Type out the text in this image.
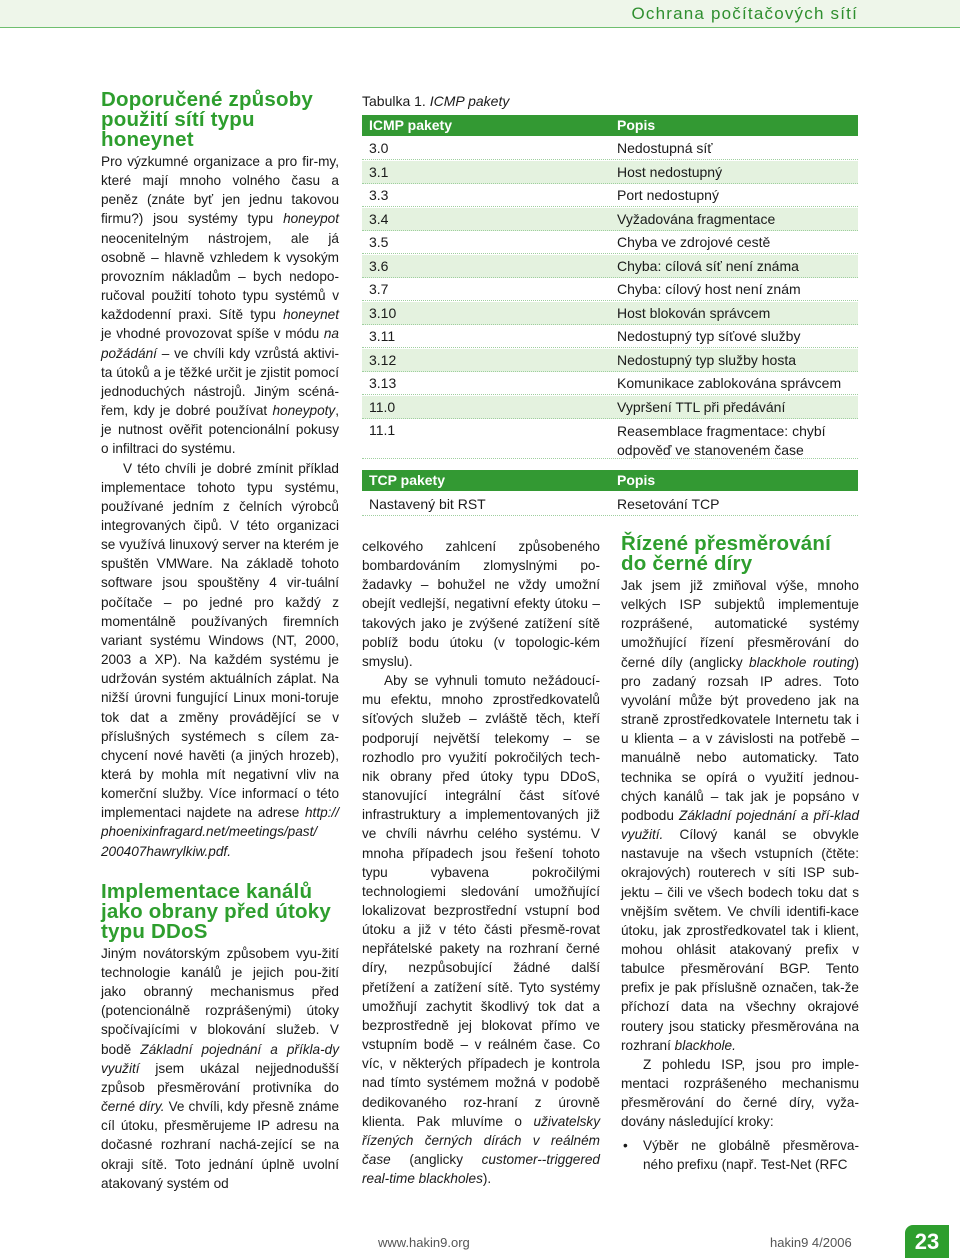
Ochrana počítačových sítí
Doporučené způsoby
použití sítí typu
honeynet

Pro výzkumné organizace a pro fir-my, které mají mnoho volného času a peněz (znáte byť jen jednu takovou firmu?) jsou systémy typu honeypot neocenitelným nástrojem, ale já osobně – hlavně vzhledem k vysokým provozním nákladům – bych nedopo-ručoval použití tohoto typu systémů v každodenní praxi. Sítě typu honeynet je vhodné provozovat spíše v módu na požádání – ve chvíli kdy vzrůstá aktivi-ta útoků a je těžké určit je zjistit pomocí jednoduchých nástrojů. Jiným scéná-řem, kdy je dobré používat honeypoty, je nutnost ověřit potencionální pokusy o infiltraci do systému.

V této chvíli je dobré zmínit příklad implementace tohoto typu systému, používané jedním z čelních výrobců integrovaných čipů. V této organizaci se využívá linuxový server na kterém je spuštěn VMWare. Na základě tohoto software jsou spouštěny 4 vir-tuální počítače – po jedné pro každý z momentálně používaných firemních variant systému Windows (NT, 2000, 2003 a XP). Na každém systému je udržován systém aktuálních záplat. Na nižší úrovni fungující Linux moni-toruje tok dat a změny provádějící se v příslušných systémech s cílem za-chycení nové havěti (a jiných hrozeb), která by mohla mít negativní vliv na komerční služby. Více informací o této implementaci najdete na adrese http:// phoenixinfragard.net/meetings/past/ 200407hawrylkiw.pdf.

Implementace kanálů
jako obrany před útoky
typu DDoS

Jiným novátorským způsobem vyu-žití technologie kanálů je jejich pou-žití jako obranný mechanismus před (potencionálně rozprášenými) útoky spočívajícími v blokování služeb. V bodě Základní pojednání a příkla-dy využití jsem ukázal nejjednodušší způsob přesměrování protivníka do černé díry. Ve chvíli, kdy přesně známe cíl útoku, přesměrujeme IP adresu na dočasné rozhraní nachá-zející se na okraji sítě. Toto jednání úplně uvolní atakovaný systém od

Tabulka 1. ICMP pakety
ICMP pakety	Popis
3.0	Nedostupná síť
3.1	Host nedostupný
3.3	Port nedostupný
3.4	Vyžadována fragmentace
3.5	Chyba ve zdrojové cestě
3.6	Chyba: cílová síť není známa
3.7	Chyba: cílový host není znám
3.10	Host blokován správcem
3.11	Nedostupný typ síťové služby
3.12	Nedostupný typ služby hosta
3.13	Komunikace zablokována správcem
11.0	Vypršení TTL při předávání
11.1	Reasemblace fragmentace: chybí
odpověď ve stanoveném čase
TCP pakety	Popis
Nastavený bit RST	Resetování TCP

celkového zahlcení způsobeného bombardováním zlomyslnými po-žadavky – bohužel ne vždy umožní obejít vedlejší, negativní efekty útoku – takových jako je zvýšené zatížení sítě poblíž bodu útoku (v topologic-kém smyslu).

Aby se vyhnuli tomuto nežádoucí-mu efektu, mnoho zprostředkovatelů síťových služeb – zvláště těch, kteří podporují největší telekomy – se rozhodlo pro využití pokročilých tech-nik obrany před útoky typu DDoS, stanovující integrální část síťové infrastruktury a implementovaných již ve chvíli návrhu celého systému. V mnoha případech jsou řešení tohoto typu vybavena pokročilými technologiemi sledování umožňující lokalizovat bezprostřední vstupní bod útoku a již v této části přesmě-rovat nepřátelské pakety na rozhraní černé díry, nezpůsobující žádné další přetížení a zatížení sítě. Tyto systémy umožňují zachytit škodlivý tok dat a bezprostředně jej blokovat přímo ve vstupním bodě – v reálném čase. Co víc, v některých případech je kontrola nad tímto systémem možná v podobě dedikovaného roz-hraní z úrovně klienta. Pak mluvíme o uživatelsky řízených černých dírách v reálném čase (anglicky customer--triggered real-time blackholes).

Řízené přesměrování
do černé díry

Jak jsem již zmiňoval výše, mnoho velkých ISP subjektů implementuje rozprášené, automatické systémy umožňující řízení přesměrování do černé díly (anglicky blackhole routing) pro zadaný rozsah IP adres. Toto vyvolání může být provedeno jak na straně zprostředkovatele Internetu tak i u klienta – a v závislosti na potřebě – manuálně nebo automaticky. Tato technika se opírá o využití jednou-chých kanálů – tak jak je popsáno v podbodu Základní pojednání a pří-klad využití. Cílový kanál se obvykle nastavuje na všech vstupních (čtěte: okrajových) routerech v síti ISP sub-jektu – čili ve všech bodech toku dat s vnějším světem. Ve chvíli identifi-kace útoku, jak zprostředkovatel tak i klient, mohou ohlásit atakovaný prefix v tabulce přesměrování BGP. Tento prefix je pak příslušně označen, tak-že příchozí data na všechny okrajové routery jsou staticky přesměrována na rozhraní blackhole.

Z pohledu ISP, jsou pro imple-mentaci rozprášeného mechanismu přesměrování do černé díry, vyža-dovány následující kroky:

• Výběr ne globálně přesměrova-ného prefixu (např. Test-Net (RFC
www.hakin9.org	hakin9 4/2006	23
